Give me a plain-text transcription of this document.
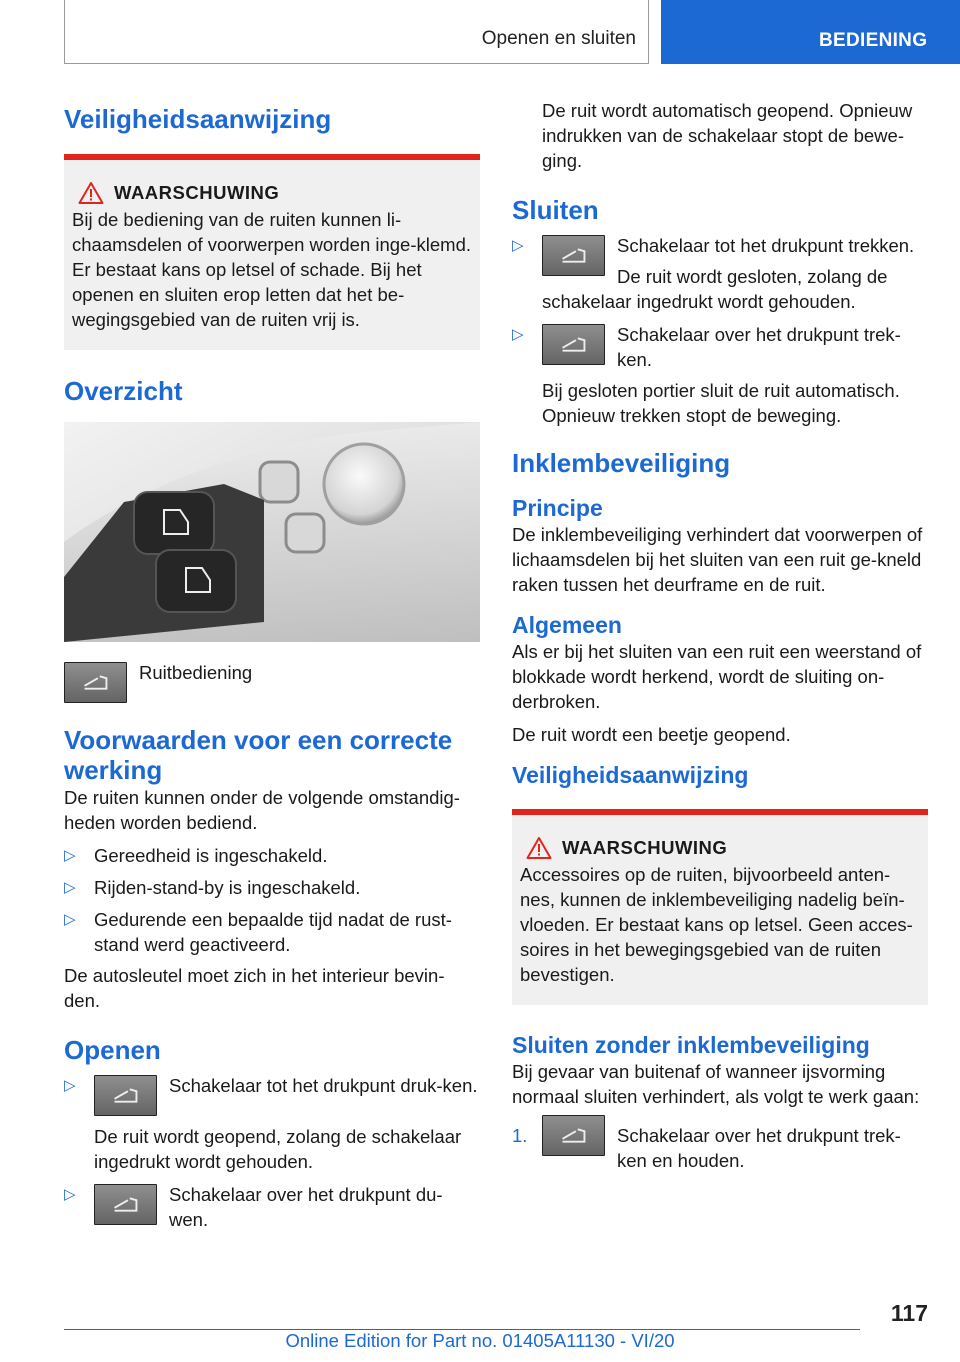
Openen en sluiten	BEDIENING
Veiligheidsaanwijzing
WAARSCHUWING

Bij de bediening van de ruiten kunnen li-chaamsdelen of voorwerpen worden inge-klemd. Er bestaat kans op letsel of schade. Bij het openen en sluiten erop letten dat het be-wegingsgebied van de ruiten vrij is.

Overzicht

Ruitbediening

Voorwaarden voor een correcte werking

De ruiten kunnen onder de volgende omstandig-heden worden bediend.

▷ Gereedheid is ingeschakeld.
▷ Rijden-stand-by is ingeschakeld.
▷ Gedurende een bepaalde tijd nadat de rust-stand werd geactiveerd.

De autosleutel moet zich in het interieur bevin-den.

Openen
▷	Schakelaar tot het drukpunt druk-ken.

De ruit wordt geopend, zolang de schakelaar ingedrukt wordt gehouden.

▷	Schakelaar over het drukpunt du-wen.

De ruit wordt automatisch geopend. Opnieuw indrukken van de schakelaar stopt de bewe-ging.

Sluiten
▷	Schakelaar tot het drukpunt trekken.

De ruit wordt gesloten, zolang de schakelaar ingedrukt wordt gehouden.

▷	Schakelaar over het drukpunt trek-ken.

Bij gesloten portier sluit de ruit automatisch. Opnieuw trekken stopt de beweging.

Inklembeveiliging
Principe

De inklembeveiliging verhindert dat voorwerpen of lichaamsdelen bij het sluiten van een ruit ge-kneld raken tussen het deurframe en de ruit.

Algemeen

Als er bij het sluiten van een ruit een weerstand of blokkade wordt herkend, wordt de sluiting on-derbroken.

De ruit wordt een beetje geopend.

Veiligheidsaanwijzing
WAARSCHUWING

Accessoires op de ruiten, bijvoorbeeld anten-nes, kunnen de inklembeveiliging nadelig beïn-vloeden. Er bestaat kans op letsel. Geen acces-soires in het bewegingsgebied van de ruiten bevestigen.

Sluiten zonder inklembeveiliging

Bij gevaar van buitenaf of wanneer ijsvorming normaal sluiten verhindert, als volgt te werk gaan:

1.	Schakelaar over het drukpunt trek-ken en houden.

117
Online Edition for Part no. 01405A11130 - VI/20
